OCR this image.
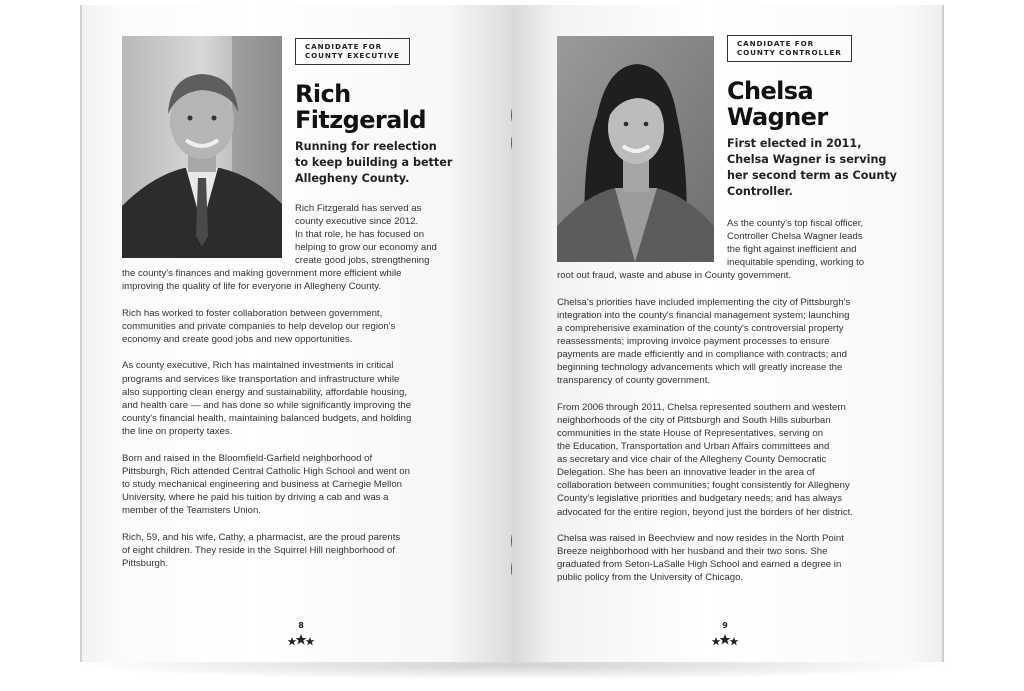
CANDIDATE FOR
COUNTY EXECUTIVE
Rich
Fitzgerald
Running for reelection
to keep building a better
Allegheny County.
Rich Fitzgerald has served as
county executive since 2012.
In that role, he has focused on
helping to grow our economy and
create good jobs, strengthening
the county's finances and making government more efficient while
improving the quality of life for everyone in Allegheny County.
Rich has worked to foster collaboration between government,
communities and private companies to help develop our region's
economy and create good jobs and new opportunities.
As county executive, Rich has maintained investments in critical
programs and services like transportation and infrastructure while
also supporting clean energy and sustainability, affordable housing,
and health care — and has done so while significantly improving the
county's financial health, maintaining balanced budgets, and holding
the line on property taxes.
Born and raised in the Bloomfield-Garfield neighborhood of
Pittsburgh, Rich attended Central Catholic High School and went on
to study mechanical engineering and business at Carnegie Mellon
University, where he paid his tuition by driving a cab and was a
member of the Teamsters Union.
Rich, 59, and his wife, Cathy, a pharmacist, are the proud parents
of eight children. They reside in the Squirrel Hill neighborhood of
Pittsburgh.
8
CANDIDATE FOR
COUNTY CONTROLLER
Chelsa
Wagner
First elected in 2011,
Chelsa Wagner is serving
her second term as County
Controller.
As the county's top fiscal officer,
Controller Chelsa Wagner leads
the fight against inefficient and
inequitable spending, working to
root out fraud, waste and abuse in County government.
Chelsa's priorities have included implementing the city of Pittsburgh's
integration into the county's financial management system; launching
a comprehensive examination of the county's controversial property
reassessments; improving invoice payment processes to ensure
payments are made efficiently and in compliance with contracts; and
beginning technology advancements which will greatly increase the
transparency of county government.
From 2006 through 2011, Chelsa represented southern and western
neighborhoods of the city of Pittsburgh and South Hills suburban
communities in the state House of Representatives, serving on
the Education, Transportation and Urban Affairs committees and
as secretary and vice chair of the Allegheny County Democratic
Delegation. She has been an innovative leader in the area of
collaboration between communities; fought consistently for Allegheny
County's legislative priorities and budgetary needs; and has always
advocated for the entire region, beyond just the borders of her district.
Chelsa was raised in Beechview and now resides in the North Point
Breeze neighborhood with her husband and their two sons. She
graduated from Seton-LaSalle High School and earned a degree in
public policy from the University of Chicago.
9
